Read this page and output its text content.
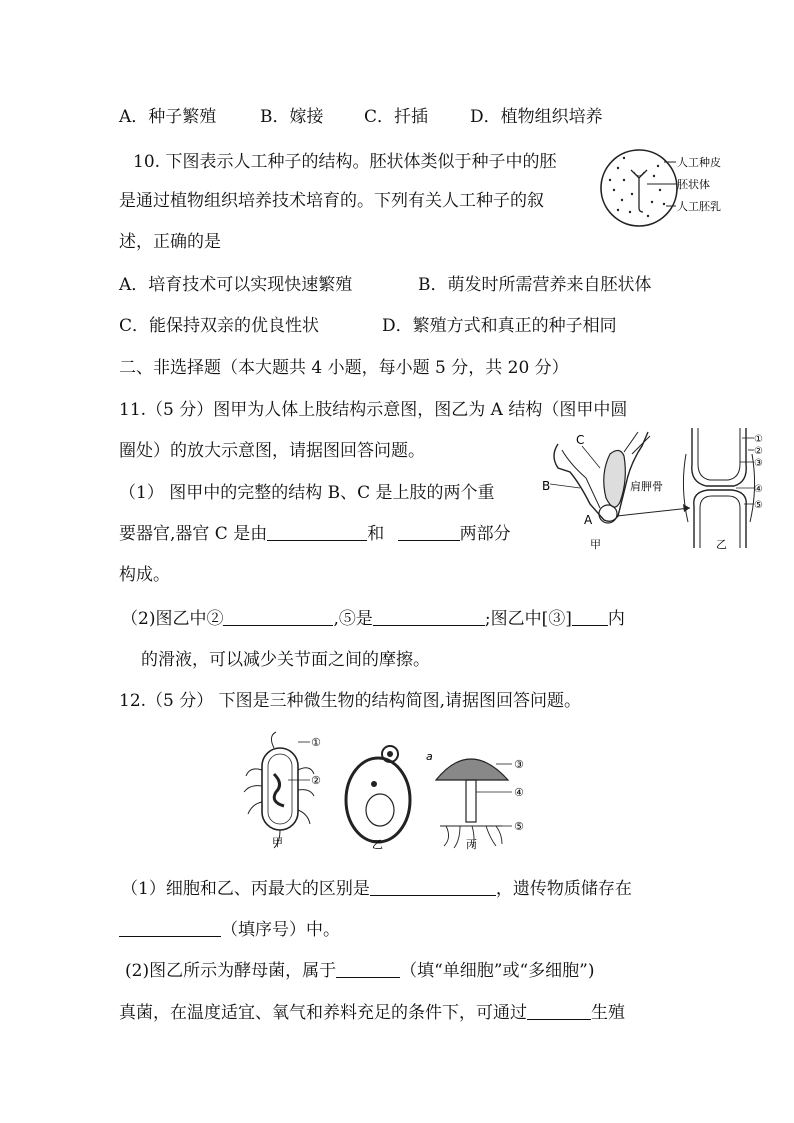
A．种子繁殖	B．嫁接 C．扦插 D．植物组织培养
10. 下图表示人工种子的结构。胚状体类似于种子中的胚
是通过植物组织培养技术培育的。下列有关人工种子的叙
述，正确的是
人工种皮
胚状体
人工胚乳
A．培育技术可以实现快速繁殖	B．萌发时所需营养来自胚状体
C．能保持双亲的优良性状	D．繁殖方式和真正的种子相同
二、非选择题（本大题共 4 小题，每小题 5 分，共 20 分）
11.（5 分）图甲为人体上肢结构示意图，图乙为 A 结构（图甲中圆
圈处）的放大示意图，请据图回答问题。
C
B
A
肩胛骨
甲
①
②
③
④
⑤
乙
（1） 图甲中的完整的结构 B、C 是上肢的两个重
要器官,器官 C 是由	和	两部分
构成。
（2)图乙中②	,⑤是	;图乙中[③] 内
的滑液，可以减少关节面之间的摩擦。
12.（5 分） 下图是三种微生物的结构简图,请据图回答问题。
①
②
甲	乙
a
③
④
⑤
丙
（1）细胞和乙、丙最大的区别是	，遗传物质储存在
（填序号）中。
(2)图乙所示为酵母菌，属于	（填“单细胞”或“多细胞”)
真菌，在温度适宜、氧气和养料充足的条件下，可通过	生殖
